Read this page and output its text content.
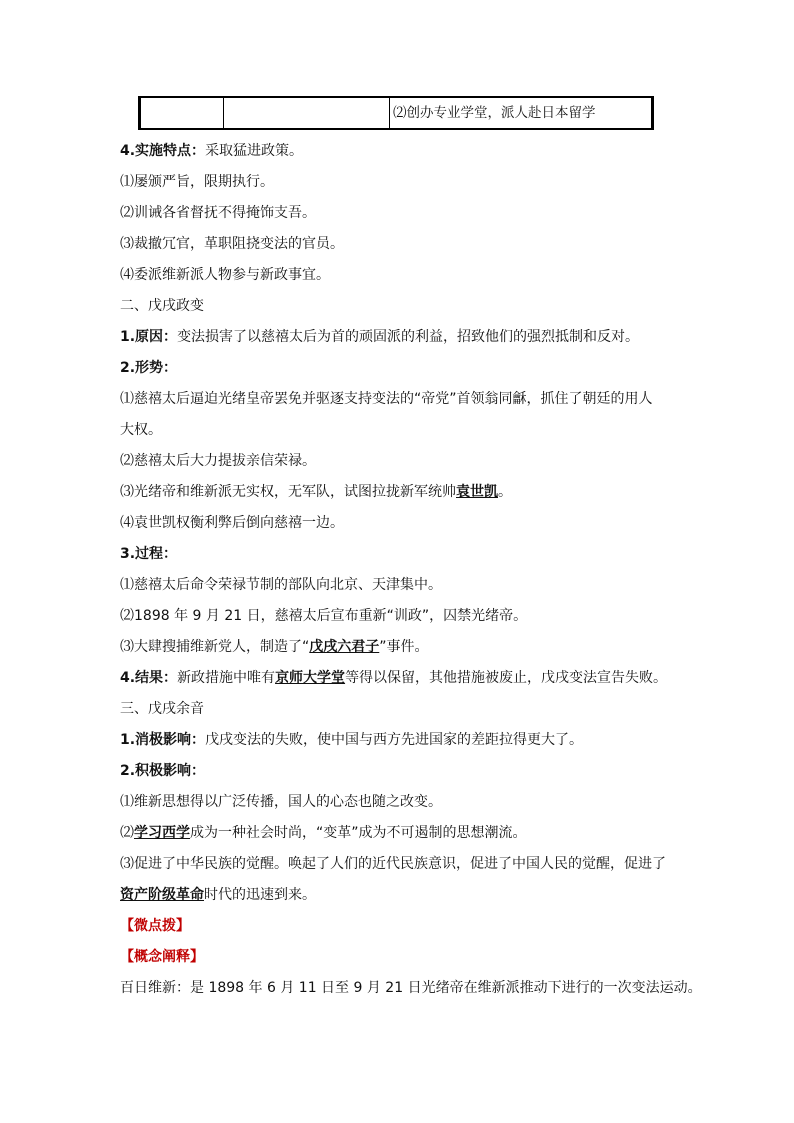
⑵创办专业学堂，派人赴日本留学
4.实施特点：采取猛进政策。
⑴屡颁严旨，限期执行。
⑵训诫各省督抚不得掩饰支吾。
⑶裁撤冗官，革职阻挠变法的官员。
⑷委派维新派人物参与新政事宜。
二、戊戌政变
1.原因：变法损害了以慈禧太后为首的顽固派的利益，招致他们的强烈抵制和反对。
2.形势：
⑴慈禧太后逼迫光绪皇帝罢免并驱逐支持变法的“帝党”首领翁同龢，抓住了朝廷的用人
大权。
⑵慈禧太后大力提拔亲信荣禄。
⑶光绪帝和维新派无实权，无军队，试图拉拢新军统帅袁世凯。
⑷袁世凯权衡利弊后倒向慈禧一边。
3.过程：
⑴慈禧太后命令荣禄节制的部队向北京、天津集中。
⑵1898 年 9 月 21 日，慈禧太后宣布重新“训政”，囚禁光绪帝。
⑶大肆搜捕维新党人，制造了“戊戌六君子”事件。
4.结果：新政措施中唯有京师大学堂等得以保留，其他措施被废止，戊戌变法宣告失败。
三、戊戌余音
1.消极影响：戊戌变法的失败，使中国与西方先进国家的差距拉得更大了。
2.积极影响：
⑴维新思想得以广泛传播，国人的心态也随之改变。
⑵学习西学成为一种社会时尚，“变革”成为不可遏制的思想潮流。
⑶促进了中华民族的觉醒。唤起了人们的近代民族意识，促进了中国人民的觉醒，促进了
资产阶级革命时代的迅速到来。
【微点拨】
【概念阐释】
百日维新：是 1898 年 6 月 11 日至 9 月 21 日光绪帝在维新派推动下进行的一次变法运动。
